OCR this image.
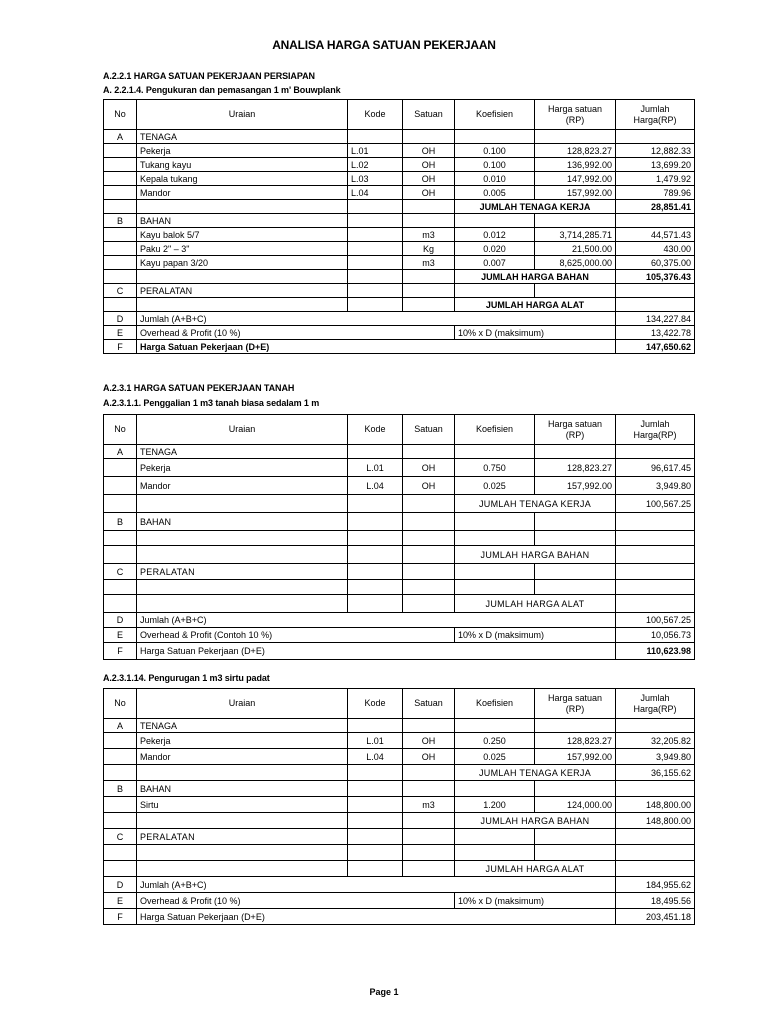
ANALISA HARGA SATUAN PEKERJAAN
A.2.2.1 HARGA SATUAN PEKERJAAN PERSIAPAN
A. 2.2.1.4. Pengukuran dan pemasangan 1 m' Bouwplank
No	Uraian	Kode	Satuan	Koefisien	Harga satuan (RP)	Jumlah Harga(RP)
A	TENAGA					
	Pekerja	L.01	OH	0.100	128,823.27	12,882.33
	Tukang kayu	L.02	OH	0.100	136,992.00	13,699.20
	Kepala tukang	L.03	OH	0.010	147,992.00	1,479.92
	Mandor	L.04	OH	0.005	157,992.00	789.96
				JUMLAH TENAGA KERJA		28,851.41
B	BAHAN					
	Kayu balok 5/7		m3	0.012	3,714,285.71	44,571.43
	Paku 2" – 3"		Kg	0.020	21,500.00	430.00
	Kayu papan 3/20		m3	0.007	8,625,000.00	60,375.00
				JUMLAH HARGA BAHAN		105,376.43
C	PERALATAN					
				JUMLAH HARGA ALAT		
D	Jumlah (A+B+C)					134,227.84
E	Overhead & Profit (10 %)			10% x D (maksimum)		13,422.78
F	Harga Satuan Pekerjaan (D+E)					147,650.62
A.2.3.1 HARGA SATUAN PEKERJAAN TANAH
A.2.3.1.1. Penggalian 1 m3 tanah biasa sedalam 1 m
No	Uraian	Kode	Satuan	Koefisien	Harga satuan (RP)	Jumlah Harga(RP)
A	TENAGA					
	Pekerja	L.01	OH	0.750	128,823.27	96,617.45
	Mandor	L.04	OH	0.025	157,992.00	3,949.80
				JUMLAH TENAGA KERJA		100,567.25
B	BAHAN					

				JUMLAH HARGA BAHAN		
C	PERALATAN					

				JUMLAH HARGA ALAT		
D	Jumlah (A+B+C)					100,567.25
E	Overhead & Profit (Contoh 10 %)			10% x D (maksimum)		10,056.73
F	Harga Satuan Pekerjaan (D+E)					110,623.98
A.2.3.1.14. Pengurugan 1 m3 sirtu padat
No	Uraian	Kode	Satuan	Koefisien	Harga satuan (RP)	Jumlah Harga(RP)
A	TENAGA					
	Pekerja	L.01	OH	0.250	128,823.27	32,205.82
	Mandor	L.04	OH	0.025	157,992.00	3,949.80
				JUMLAH TENAGA KERJA		36,155.62
B	BAHAN					
	Sirtu		m3	1.200	124,000.00	148,800.00
				JUMLAH HARGA BAHAN		148,800.00
C	PERALATAN					

				JUMLAH HARGA ALAT		
D	Jumlah (A+B+C)					184,955.62
E	Overhead & Profit (10 %)			10% x D (maksimum)		18,495.56
F	Harga Satuan Pekerjaan (D+E)					203,451.18
Page 1
